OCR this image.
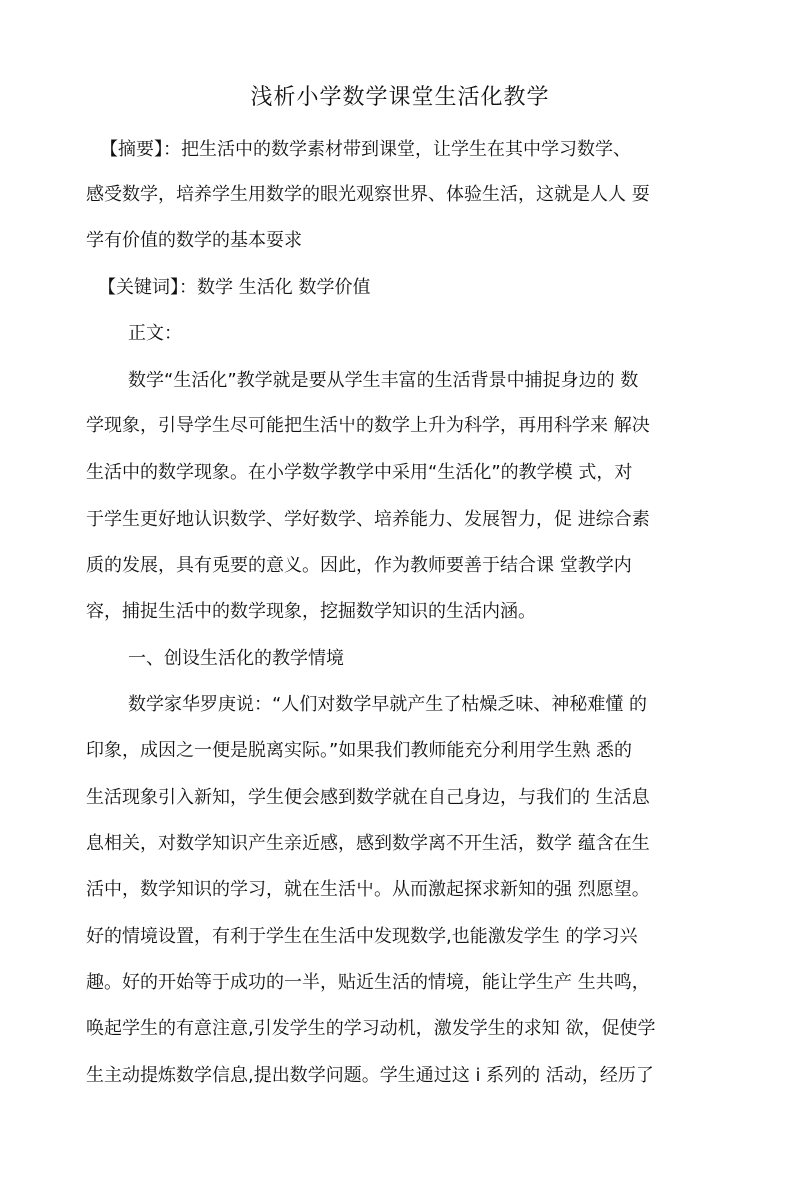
浅析小学数学课堂生活化教学
【摘要】：把生活中的数学素材带到课堂，让学生在其中学习数学、
感受数学，培养学生用数学的眼光观察世界、体验生活，这就是人人 耍
学有价值的数学的基本耍求
【关键词】：数学 生活化 数学价值
正文：
数学“生活化”教学就是要从学生丰富的生活背景中捕捉身边的 数
学现象，引导学生尽可能把生活屮的数学上升为科学，再用科学来 解决
生活中的数学现象。在小学数学教学中采用“生活化”的教学模 式，对
于学生更好地认识数学、学好数学、培养能力、发展智力，促 进综合素
质的发展，具有兎要的意义。因此，作为教师要善于结合课 堂教学内
容，捕捉生活中的数学现象，挖掘数学知识的生活内涵。
一、创设生活化的教学情境
数学家华罗庚说：“人们对数学早就产生了枯燥乏味、神秘难懂 的
印象，成因之一便是脱离实际。”如果我们教师能充分利用学生熟 悉的
生活现象引入新知，学生便会感到数学就在自己身边，与我们的 生活息
息相关，对数学知识产生亲近感，感到数学离不开生活，数学 蕴含在生
活中，数学知识的学习，就在生活屮。从而激起探求新知的强 烈愿望。
好的情境设置，有利于学生在生活中发现数学,也能激发学生 的学习兴
趣。好的开始等于成功的一半，贴近生活的情境，能让学生产 生共鸣，
唤起学生的有意注意,引发学生的学习动机，激发学生的求知 欲，促使学
生主动提炼数学信息,提出数学问题。学生通过这 i 系列的 活动，经历了
